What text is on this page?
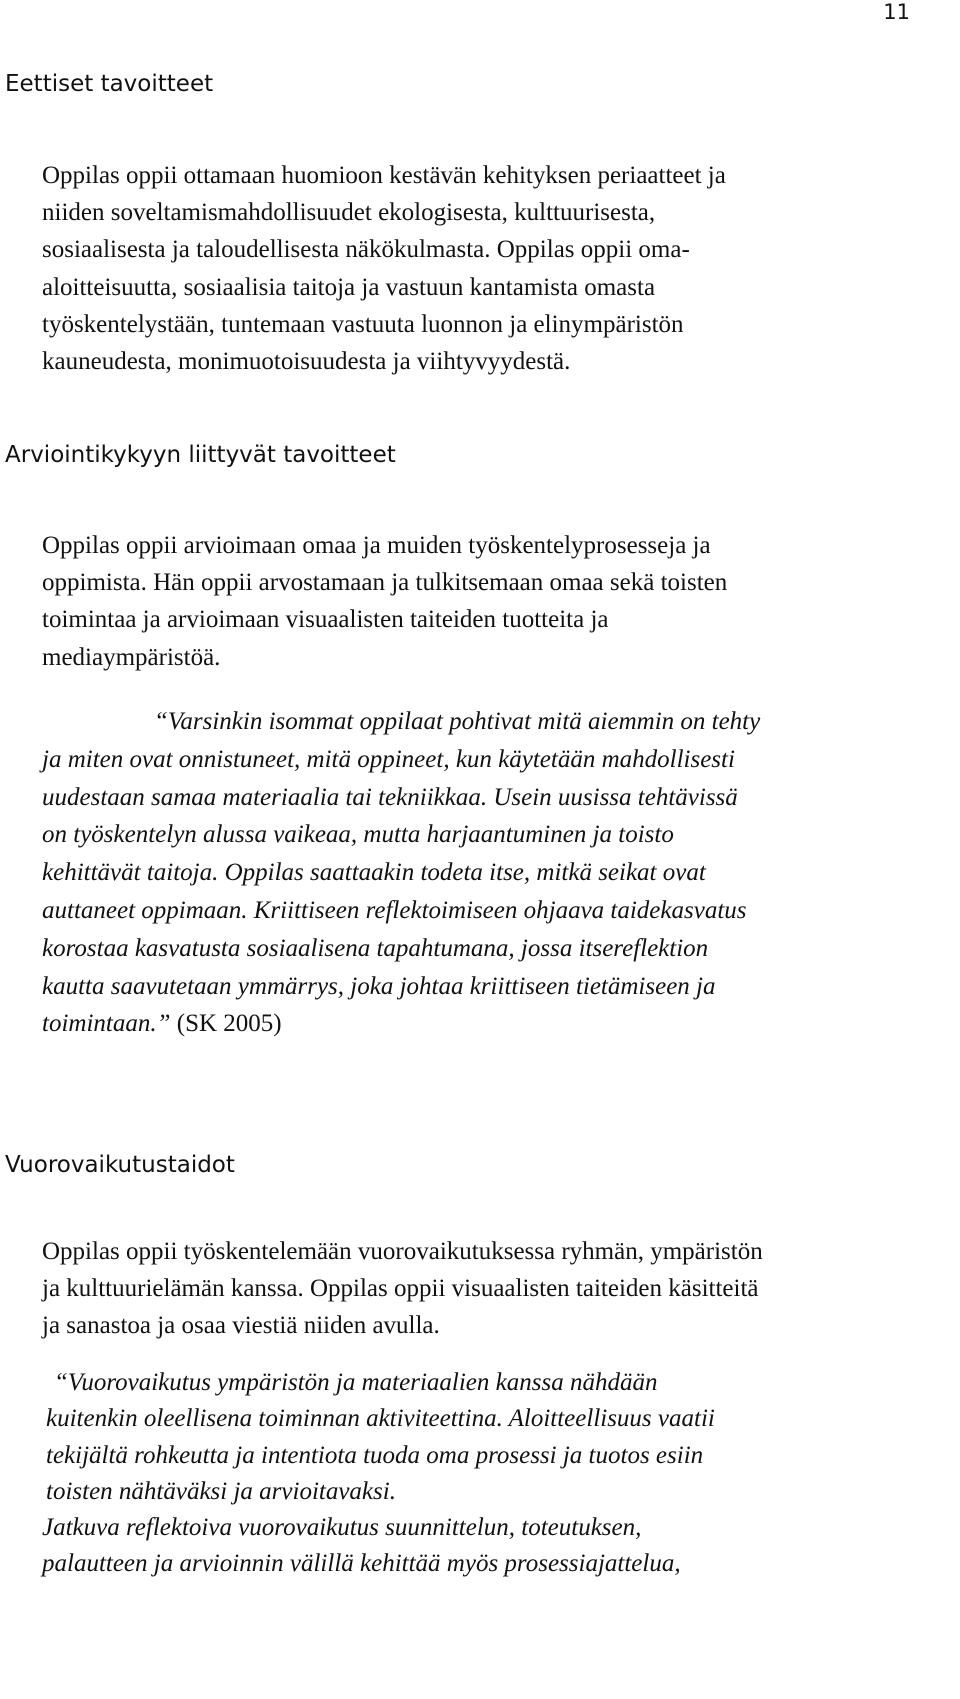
11
Eettiset tavoitteet
Oppilas oppii ottamaan huomioon kestävän kehityksen periaatteet ja
niiden soveltamismahdollisuudet ekologisesta, kulttuurisesta,
sosiaalisesta ja taloudellisesta näkökulmasta. Oppilas oppii oma-
aloitteisuutta, sosiaalisia taitoja ja vastuun kantamista omasta
työskentelystään, tuntemaan vastuuta luonnon ja elinympäristön
kauneudesta, monimuotoisuudesta ja viihtyvyydestä.
Arviointikykyyn liittyvät tavoitteet
Oppilas oppii arvioimaan omaa ja muiden työskentelyprosesseja ja
oppimista. Hän oppii arvostamaan ja tulkitsemaan omaa sekä toisten
toimintaa ja arvioimaan visuaalisten taiteiden tuotteita ja
mediaympäristöä.
“Varsinkin isommat oppilaat pohtivat mitä aiemmin on tehty
ja miten ovat onnistuneet, mitä oppineet, kun käytetään mahdollisesti
uudestaan samaa materiaalia tai tekniikkaa. Usein uusissa tehtävissä
on työskentelyn alussa vaikeaa, mutta harjaantuminen ja toisto
kehittävät taitoja. Oppilas saattaakin todeta itse, mitkä seikat ovat
auttaneet oppimaan. Kriittiseen reflektoimiseen ohjaava taidekasvatus
korostaa kasvatusta sosiaalisena tapahtumana, jossa itsereflektion
kautta saavutetaan ymmärrys, joka johtaa kriittiseen tietämiseen ja
toimintaan.” (SK 2005)
Vuorovaikutustaidot
Oppilas oppii työskentelemään vuorovaikutuksessa ryhmän, ympäristön
ja kulttuurielämän kanssa. Oppilas oppii visuaalisten taiteiden käsitteitä
ja sanastoa ja osaa viestiä niiden avulla.
“Vuorovaikutus ympäristön ja materiaalien kanssa nähdään
kuitenkin oleellisena toiminnan aktiviteettina. Aloitteellisuus vaatii
tekijältä rohkeutta ja intentiota tuoda oma prosessi ja tuotos esiin
toisten nähtäväksi ja arvioitavaksi.
Jatkuva reflektoiva vuorovaikutus suunnittelun, toteutuksen,
palautteen ja arvioinnin välillä kehittää myös prosessiajattelua,
